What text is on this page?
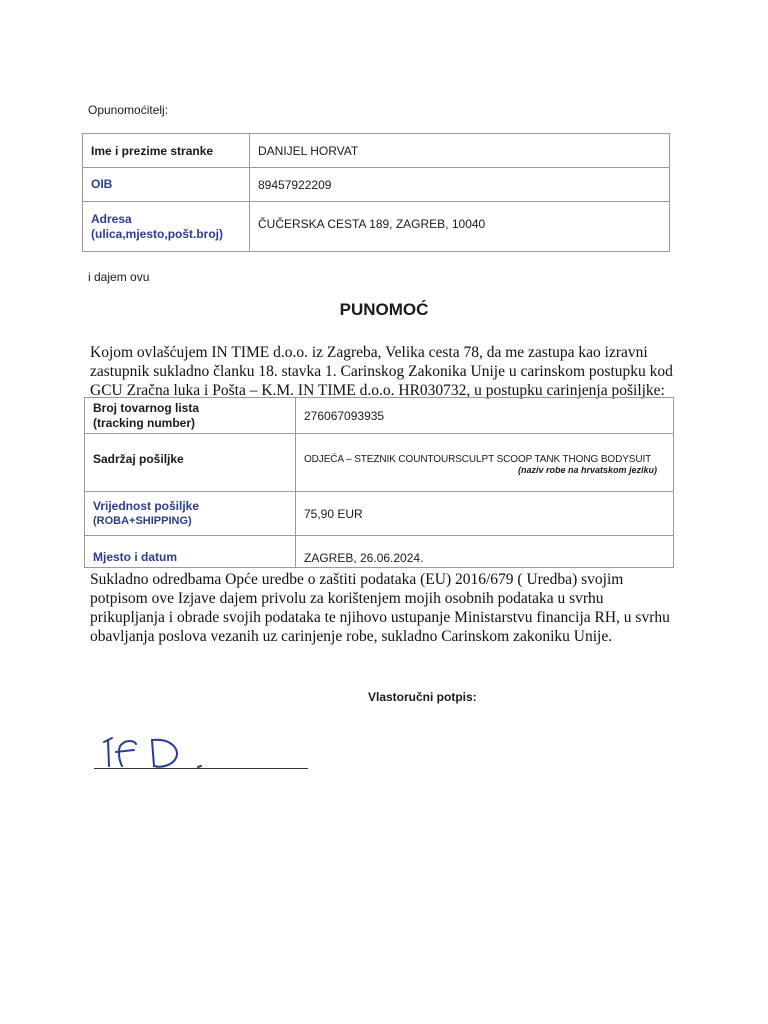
Opunomoćitelj:
Ime i prezime stranke	DANIJEL HORVAT
OIB	89457922209

Adresa
(ulica,mjesto,pošt.broj)	ČUČERSKA CESTA 189, ZAGREB, 10040
i dajem ovu
PUNOMOĆ
Kojom ovlašćujem IN TIME d.o.o. iz Zagreba, Velika cesta 78, da me zastupa kao izravni
zastupnik sukladno članku 18. stavka 1. Carinskog Zakonika Unije u carinskom postupku kod
GCU Zračna luka i Pošta – K.M. IN TIME d.o.o. HR030732, u postupku carinjenja pošiljke:
Broj tovarnog lista
(tracking number)	276067093935
Sadržaj pošiljke	ODJEĆA – STEZNIK COUNTOURSCULPT SCOOP TANK THONG BODYSUIT
(naziv robe na hrvatskom jeziku)

Vrijednost pošiljke
(ROBA+SHIPPING)	75,90 EUR
Mjesto i datum	ZAGREB, 26.06.2024.
Sukladno odredbama Opće uredbe o zaštiti podataka (EU) 2016/679 ( Uredba) svojim
potpisom ove Izjave dajem privolu za korištenjem mojih osobnih podataka u svrhu
prikupljanja i obrade svojih podataka te njihovo ustupanje Ministarstvu financija RH, u svrhu
obavljanja poslova vezanih uz carinjenje robe, sukladno Carinskom zakoniku Unije.
Vlastoručni potpis:
